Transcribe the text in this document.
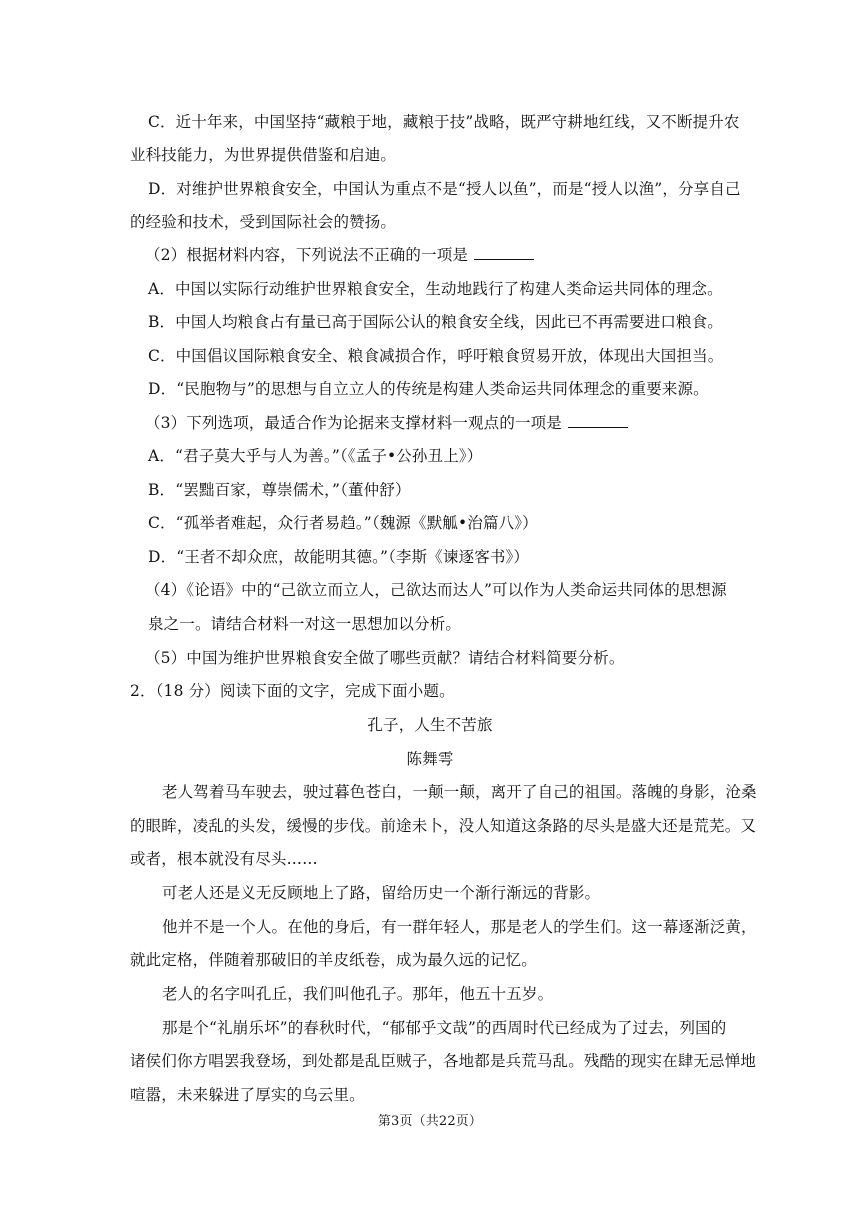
C．近十年来，中国坚持“藏粮于地，藏粮于技”战略，既严守耕地红线，又不断提升农
业科技能力，为世界提供借鉴和启迪。
D．对维护世界粮食安全，中国认为重点不是“授人以鱼”，而是“授人以渔”，分享自己
的经验和技术，受到国际社会的赞扬。
（2）根据材料内容，下列说法不正确的一项是
A．中国以实际行动维护世界粮食安全，生动地践行了构建人类命运共同体的理念。
B．中国人均粮食占有量已高于国际公认的粮食安全线，因此已不再需要进口粮食。
C．中国倡议国际粮食安全、粮食减损合作，呼吁粮食贸易开放，体现出大国担当。
D．“民胞物与”的思想与自立立人的传统是构建人类命运共同体理念的重要来源。
（3）下列选项，最适合作为论据来支撑材料一观点的一项是
A．“君子莫大乎与人为善。”（《孟子•公孙丑上》）
B．“罢黜百家，尊崇儒术，”（董仲舒）
C．“孤举者难起，众行者易趋。”（魏源《默觚•治篇八》）
D．“王者不却众庶，故能明其德。”（李斯《谏逐客书》）
（4）《论语》中的“己欲立而立人，己欲达而达人”可以作为人类命运共同体的思想源
泉之一。请结合材料一对这一思想加以分析。
（5）中国为维护世界粮食安全做了哪些贡献？请结合材料简要分析。
2．（18 分）阅读下面的文字，完成下面小题。
孔子，人生不苦旅
陈舞雩
老人驾着马车驶去，驶过暮色苍白，一颠一颠，离开了自己的祖国。落魄的身影，沧桑
的眼眸，凌乱的头发，缓慢的步伐。前途未卜，没人知道这条路的尽头是盛大还是荒芜。又
或者，根本就没有尽头……
可老人还是义无反顾地上了路，留给历史一个渐行渐远的背影。
他并不是一个人。在他的身后，有一群年轻人，那是老人的学生们。这一幕逐渐泛黄，
就此定格，伴随着那破旧的羊皮纸卷，成为最久远的记忆。
老人的名字叫孔丘，我们叫他孔子。那年，他五十五岁。
那是个“礼崩乐坏”的春秋时代，“郁郁乎文哉”的西周时代已经成为了过去，列国的
诸侯们你方唱罢我登场，到处都是乱臣贼子，各地都是兵荒马乱。残酷的现实在肆无忌惮地
喧嚣，未来躲进了厚实的乌云里。
第3页（共22页）
